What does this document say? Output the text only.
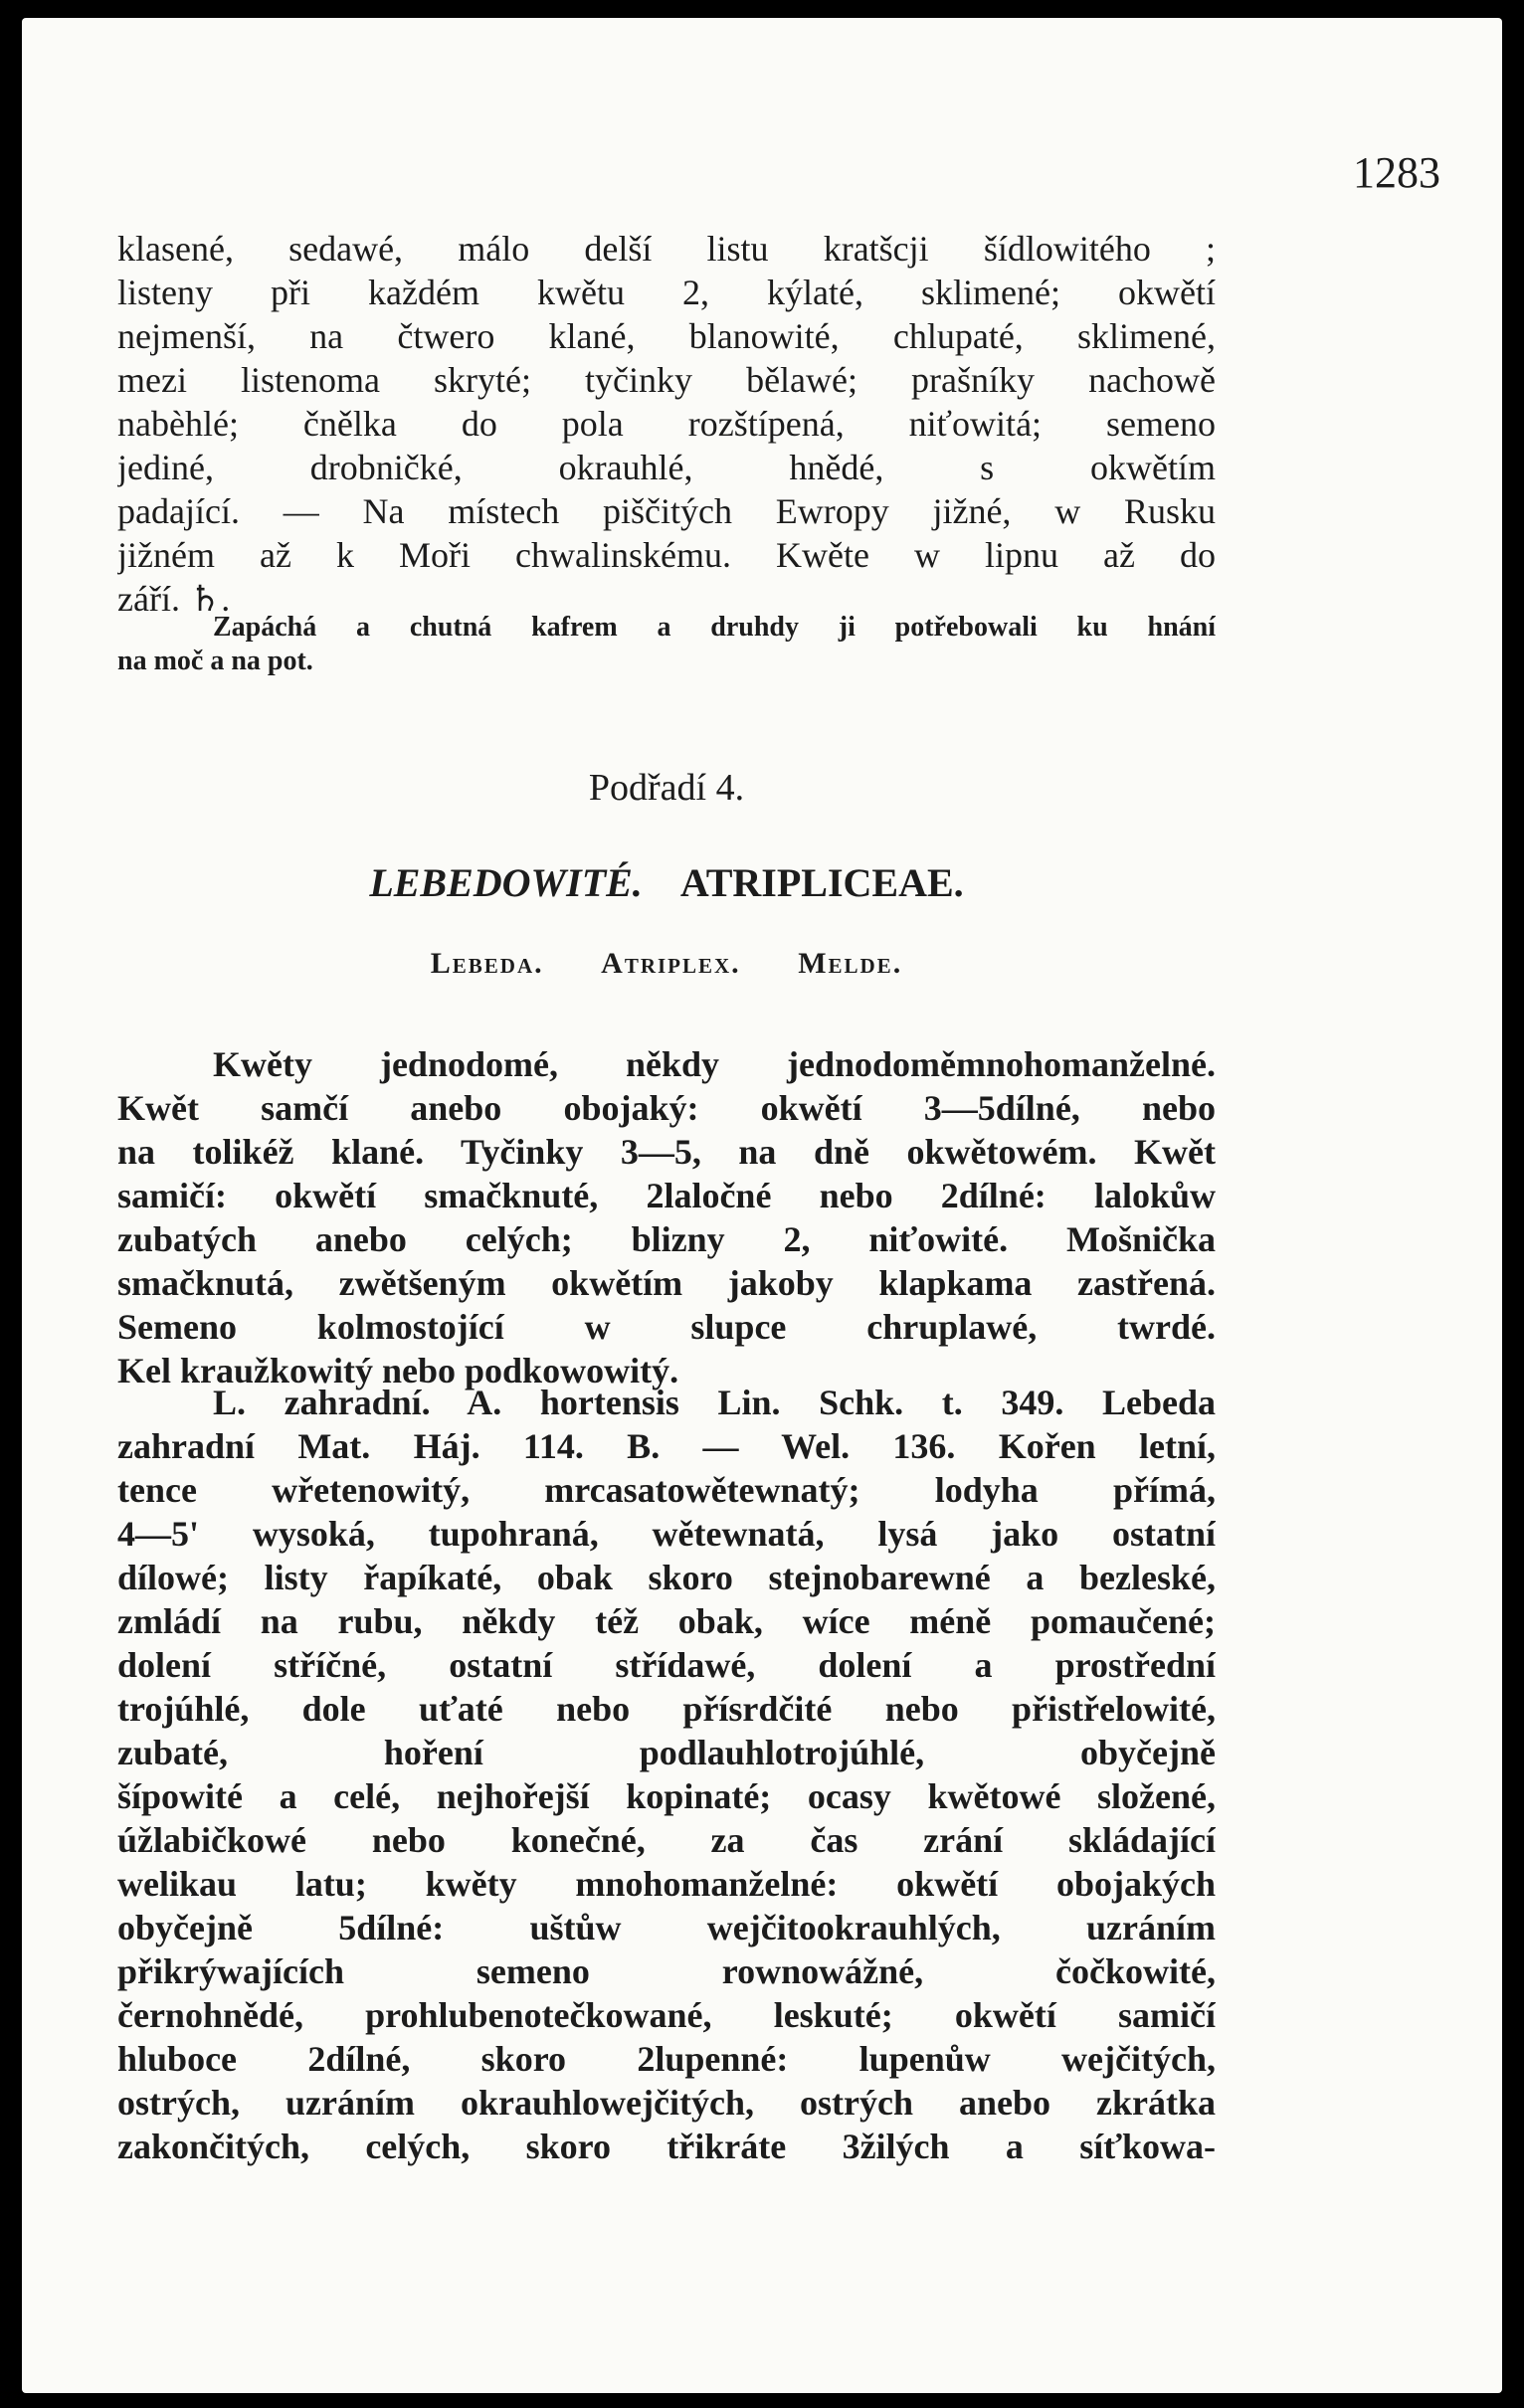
1283
klasené, sedawé, málo delší listu kratšcji šídlowitého ;
listeny při každém kwětu 2, kýlaté, sklimené; okwětí
nejmenší, na čtwero klané, blanowité, chlupaté, sklimené,
mezi listenoma skryté; tyčinky bělawé; prašníky nachowě
nabèhlé; čnělka do pola rozštípená, niťowitá; semeno
jediné, drobničké, okrauhlé, hnědé, s okwětím
padající. — Na místech piščitých Ewropy jižné, w Rusku
jižném až k Moři chwalinskému. Kwěte w lipnu až do
září. ♄.
Zapáchá a chutná kafrem a druhdy ji potřebowali ku hnání
na moč a na pot.
Podřadí 4.
LEBEDOWITÉ. ATRIPLICEAE.
Lebeda. Atriplex. Melde.
Kwěty jednodomé, někdy jednodoměmnohomanželné.
Kwět samčí anebo obojaký: okwětí 3—5dílné, nebo
na tolikéž klané. Tyčinky 3—5, na dně okwětowém. Kwět
samičí: okwětí smačknuté, 2laločné nebo 2dílné: lalokůw
zubatých anebo celých; blizny 2, niťowité. Mošnička
smačknutá, zwětšeným okwětím jakoby klapkama zastřená.
Semeno kolmostojící w slupce chruplawé, twrdé.
Kel kraužkowitý nebo podkowowitý.
L. zahradní. A. hortensis Lin. Schk. t. 349. Lebeda
zahradní Mat. Háj. 114. B. — Wel. 136. Kořen letní,
tence wřetenowitý, mrcasatowětewnatý; lodyha přímá,
4—5' wysoká, tupohraná, wětewnatá, lysá jako ostatní
dílowé; listy řapíkaté, obak skoro stejnobarewné a bezleské,
zmládí na rubu, někdy též obak, wíce méně pomaučené;
dolení stříčné, ostatní střídawé, dolení a prostřední
trojúhlé, dole uťaté nebo přísrdčité nebo přistřelowité,
zubaté, hoření podlauhlotrojúhlé, obyčejně
šípowité a celé, nejhořejší kopinaté; ocasy kwětowé složené,
úžlabičkowé nebo konečné, za čas zrání skládající
welikau latu; kwěty mnohomanželné: okwětí obojakých
obyčejně 5dílné: uštůw wejčitookrauhlých, uzráním
přikrýwajících semeno rownowážné, čočkowité,
černohnědé, prohlubenotečkowané, leskuté; okwětí samičí
hluboce 2dílné, skoro 2lupenné: lupenůw wejčitých,
ostrých, uzráním okrauhlowejčitých, ostrých anebo zkrátka
zakončitých, celých, skoro třikráte 3žilých a síťkowa-
